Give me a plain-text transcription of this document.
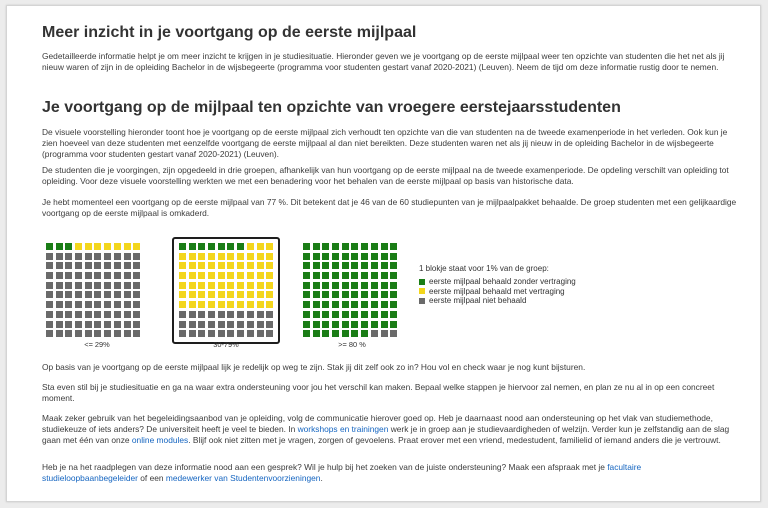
Meer inzicht in je voortgang op de eerste mijlpaal

Gedetailleerde informatie helpt je om meer inzicht te krijgen in je studiesituatie. Hieronder geven we je voortgang op de eerste mijlpaal weer ten opzichte van studenten die het net als jij nieuw waren of zijn in de opleiding Bachelor in de wijsbegeerte (programma voor studenten gestart vanaf 2020-2021) (Leuven). Neem de tijd om deze informatie rustig door te nemen.

Je voortgang op de mijlpaal ten opzichte van vroegere eerstejaarsstudenten

De visuele voorstelling hieronder toont hoe je voortgang op de eerste mijlpaal zich verhoudt ten opzichte van die van studenten na de tweede examenperiode in het verleden. Ook kun je zien hoeveel van deze studenten met eenzelfde voortgang de eerste mijlpaal al dan niet bereikten. Deze studenten waren net als jij nieuw in de opleiding Bachelor in de wijsbegeerte (programma voor studenten gestart vanaf 2020-2021) (Leuven).

De studenten die je voorgingen, zijn opgedeeld in drie groepen, afhankelijk van hun voortgang op de eerste mijlpaal na de tweede examenperiode. De opdeling verschilt van opleiding tot opleiding. Voor deze visuele voorstelling werkten we met een benadering voor het behalen van de eerste mijlpaal op basis van historische data.

Je hebt momenteel een voortgang op de eerste mijlpaal van 77 %. Dit betekent dat je 46 van de 60 studiepunten van je mijlpaalpakket behaalde. De groep studenten met een gelijkaardige voortgang op de eerste mijlpaal is omkaderd.

<= 29%	30-79%	>= 80 %
1 blokje staat voor 1% van de groep:
eerste mijlpaal behaald zonder vertraging
eerste mijlpaal behaald met vertraging
eerste mijlpaal niet behaald

Op basis van je voortgang op de eerste mijlpaal lijk je redelijk op weg te zijn. Stak jij dit zelf ook zo in? Hou vol en check waar je nog kunt bijsturen.

Sta even stil bij je studiesituatie en ga na waar extra ondersteuning voor jou het verschil kan maken. Bepaal welke stappen je hiervoor zal nemen, en plan ze nu al in op een concreet moment.

Maak zeker gebruik van het begeleidingsaanbod van je opleiding, volg de communicatie hierover goed op. Heb je daarnaast nood aan ondersteuning op het vlak van studiemethode, studiekeuze of iets anders? De universiteit heeft je veel te bieden. In workshops en trainingen werk je in groep aan je studievaardigheden of welzijn. Verder kun je zelfstandig aan de slag gaan met één van onze online modules. Blijf ook niet zitten met je vragen, zorgen of gevoelens. Praat erover met een vriend, medestudent, familielid of iemand anders die je vertrouwt.

Heb je na het raadplegen van deze informatie nood aan een gesprek? Wil je hulp bij het zoeken van de juiste ondersteuning? Maak een afspraak met je facultaire studieloopbaanbegeleider of een medewerker van Studentenvoorzieningen.
